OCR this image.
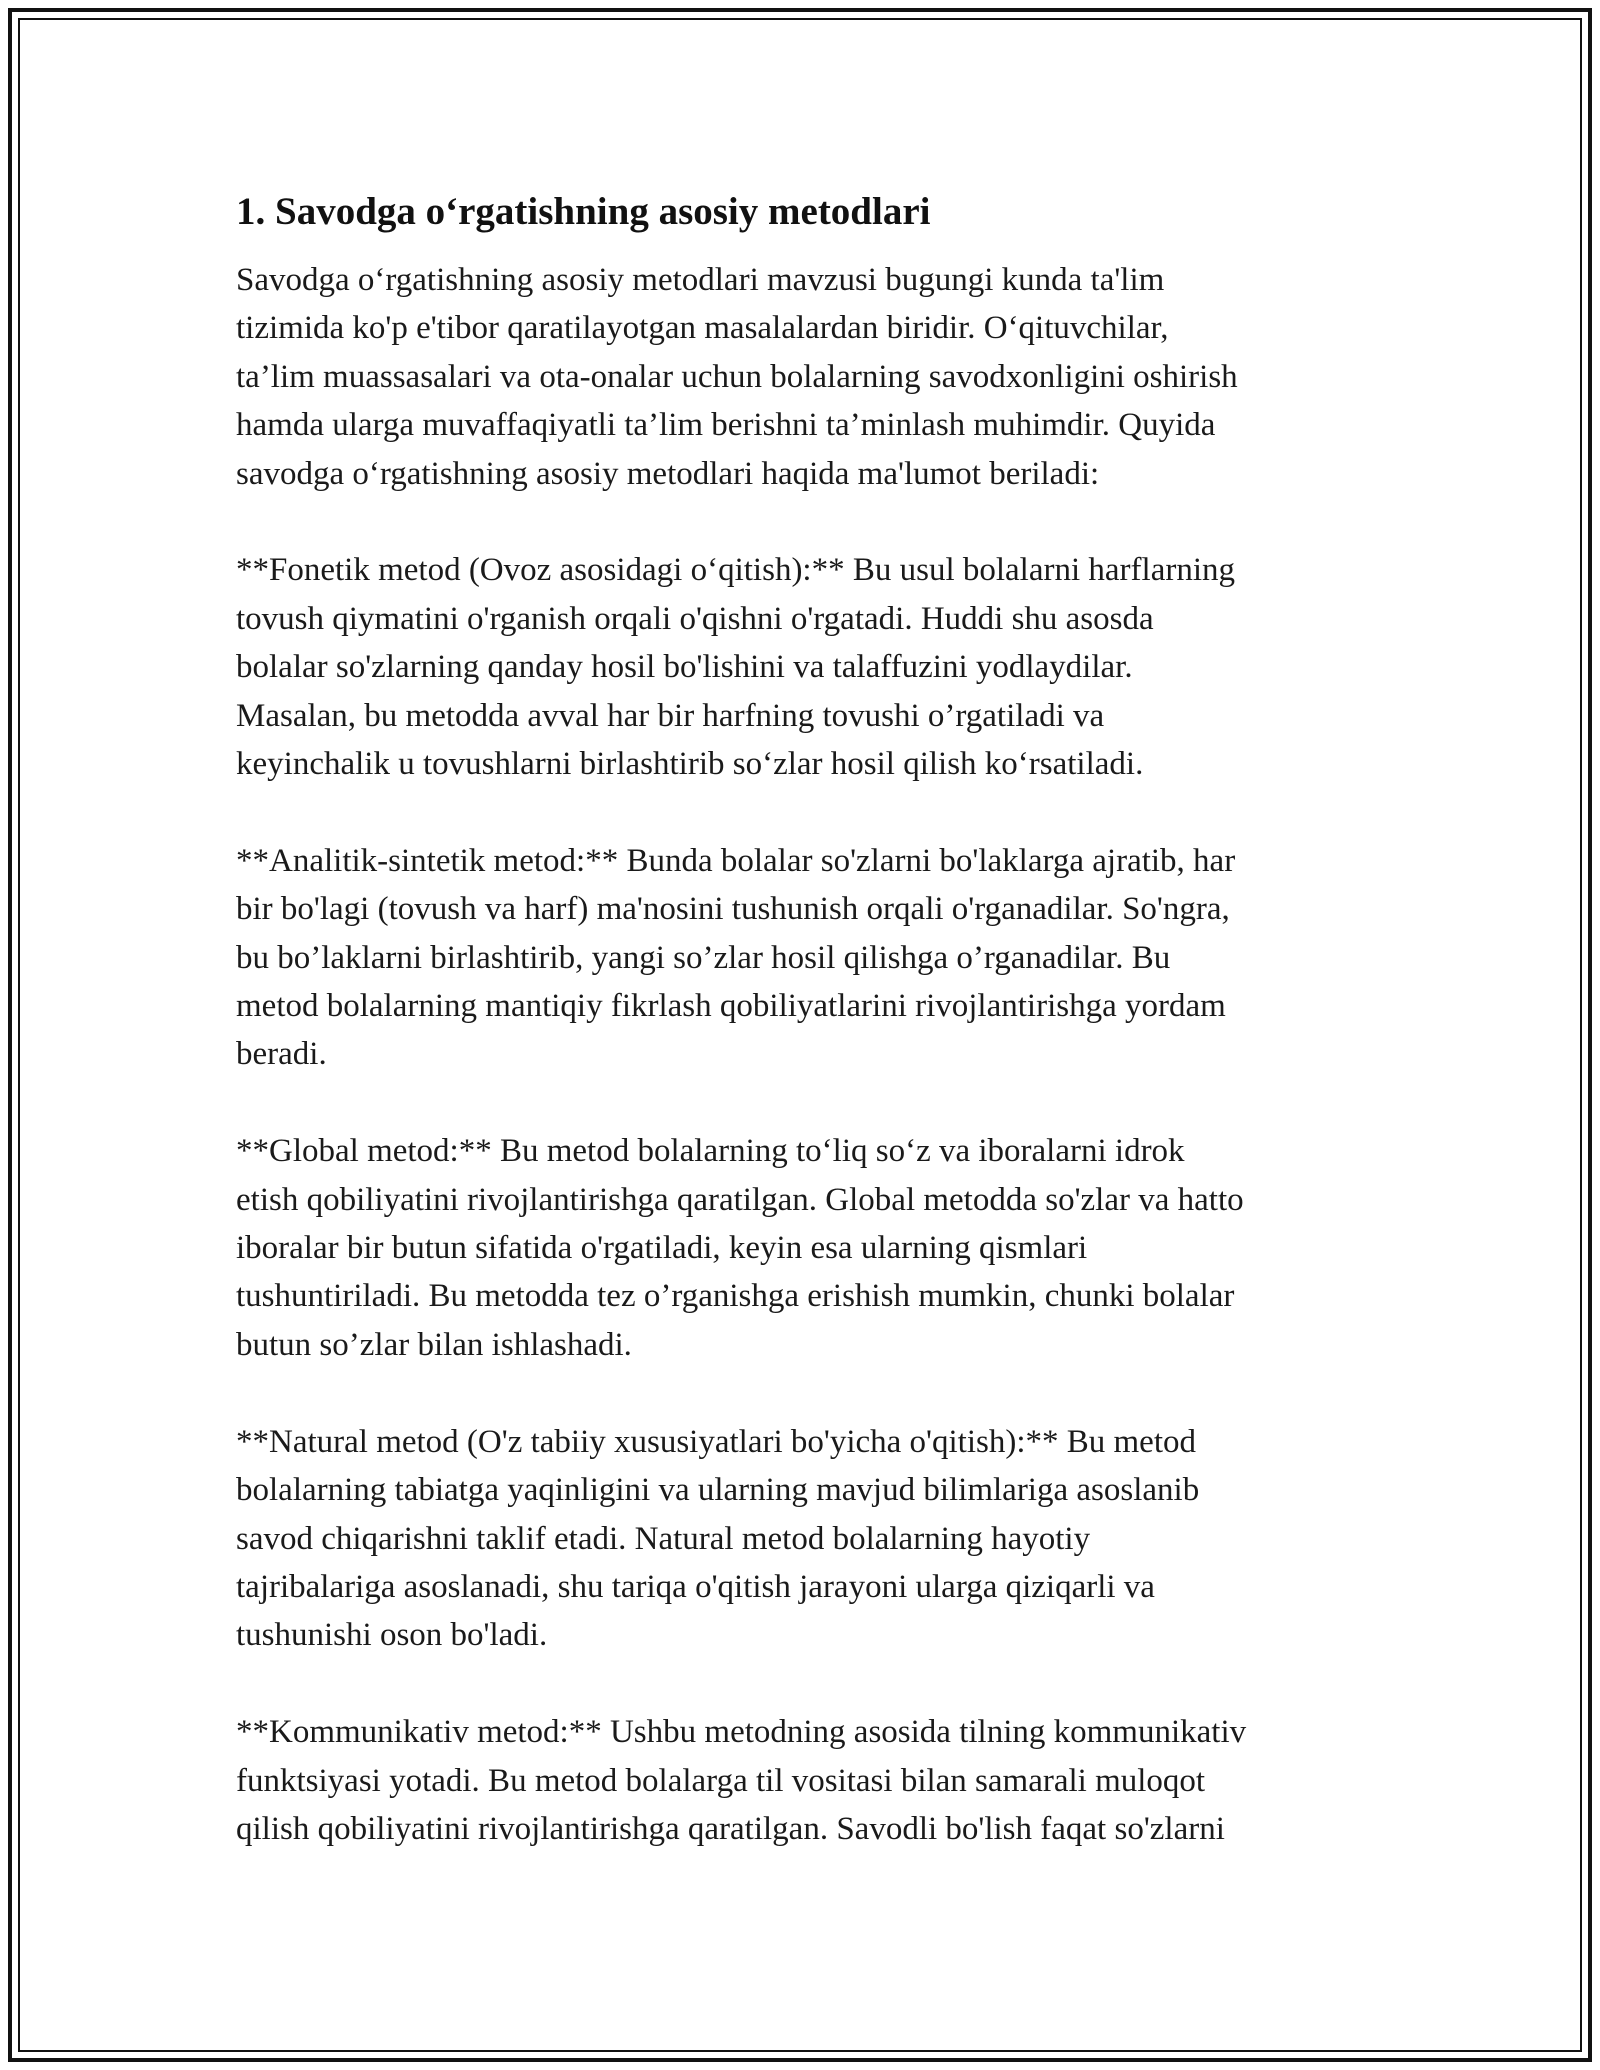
1. Savodga o‘rgatishning asosiy metodlari

Savodga o‘rgatishning asosiy metodlari mavzusi bugungi kunda ta'lim
tizimida ko'p e'tibor qaratilayotgan masalalardan biridir. O‘qituvchilar,
ta’lim muassasalari va ota-onalar uchun bolalarning savodxonligini oshirish
hamda ularga muvaffaqiyatli ta’lim berishni ta’minlash muhimdir. Quyida
savodga o‘rgatishning asosiy metodlari haqida ma'lumot beriladi:

**Fonetik metod (Ovoz asosidagi o‘qitish):** Bu usul bolalarni harflarning
tovush qiymatini o'rganish orqali o'qishni o'rgatadi. Huddi shu asosda
bolalar so'zlarning qanday hosil bo'lishini va talaffuzini yodlaydilar.
Masalan, bu metodda avval har bir harfning tovushi o’rgatiladi va
keyinchalik u tovushlarni birlashtirib so‘zlar hosil qilish ko‘rsatiladi.

**Analitik-sintetik metod:** Bunda bolalar so'zlarni bo'laklarga ajratib, har
bir bo'lagi (tovush va harf) ma'nosini tushunish orqali o'rganadilar. So'ngra,
bu bo’laklarni birlashtirib, yangi so’zlar hosil qilishga o’rganadilar. Bu
metod bolalarning mantiqiy fikrlash qobiliyatlarini rivojlantirishga yordam
beradi.

**Global metod:** Bu metod bolalarning to‘liq so‘z va iboralarni idrok
etish qobiliyatini rivojlantirishga qaratilgan. Global metodda so'zlar va hatto
iboralar bir butun sifatida o'rgatiladi, keyin esa ularning qismlari
tushuntiriladi. Bu metodda tez o’rganishga erishish mumkin, chunki bolalar
butun so’zlar bilan ishlashadi.

**Natural metod (O'z tabiiy xususiyatlari bo'yicha o'qitish):** Bu metod
bolalarning tabiatga yaqinligini va ularning mavjud bilimlariga asoslanib
savod chiqarishni taklif etadi. Natural metod bolalarning hayotiy
tajribalariga asoslanadi, shu tariqa o'qitish jarayoni ularga qiziqarli va
tushunishi oson bo'ladi.

**Kommunikativ metod:** Ushbu metodning asosida tilning kommunikativ
funktsiyasi yotadi. Bu metod bolalarga til vositasi bilan samarali muloqot
qilish qobiliyatini rivojlantirishga qaratilgan. Savodli bo'lish faqat so'zlarni
